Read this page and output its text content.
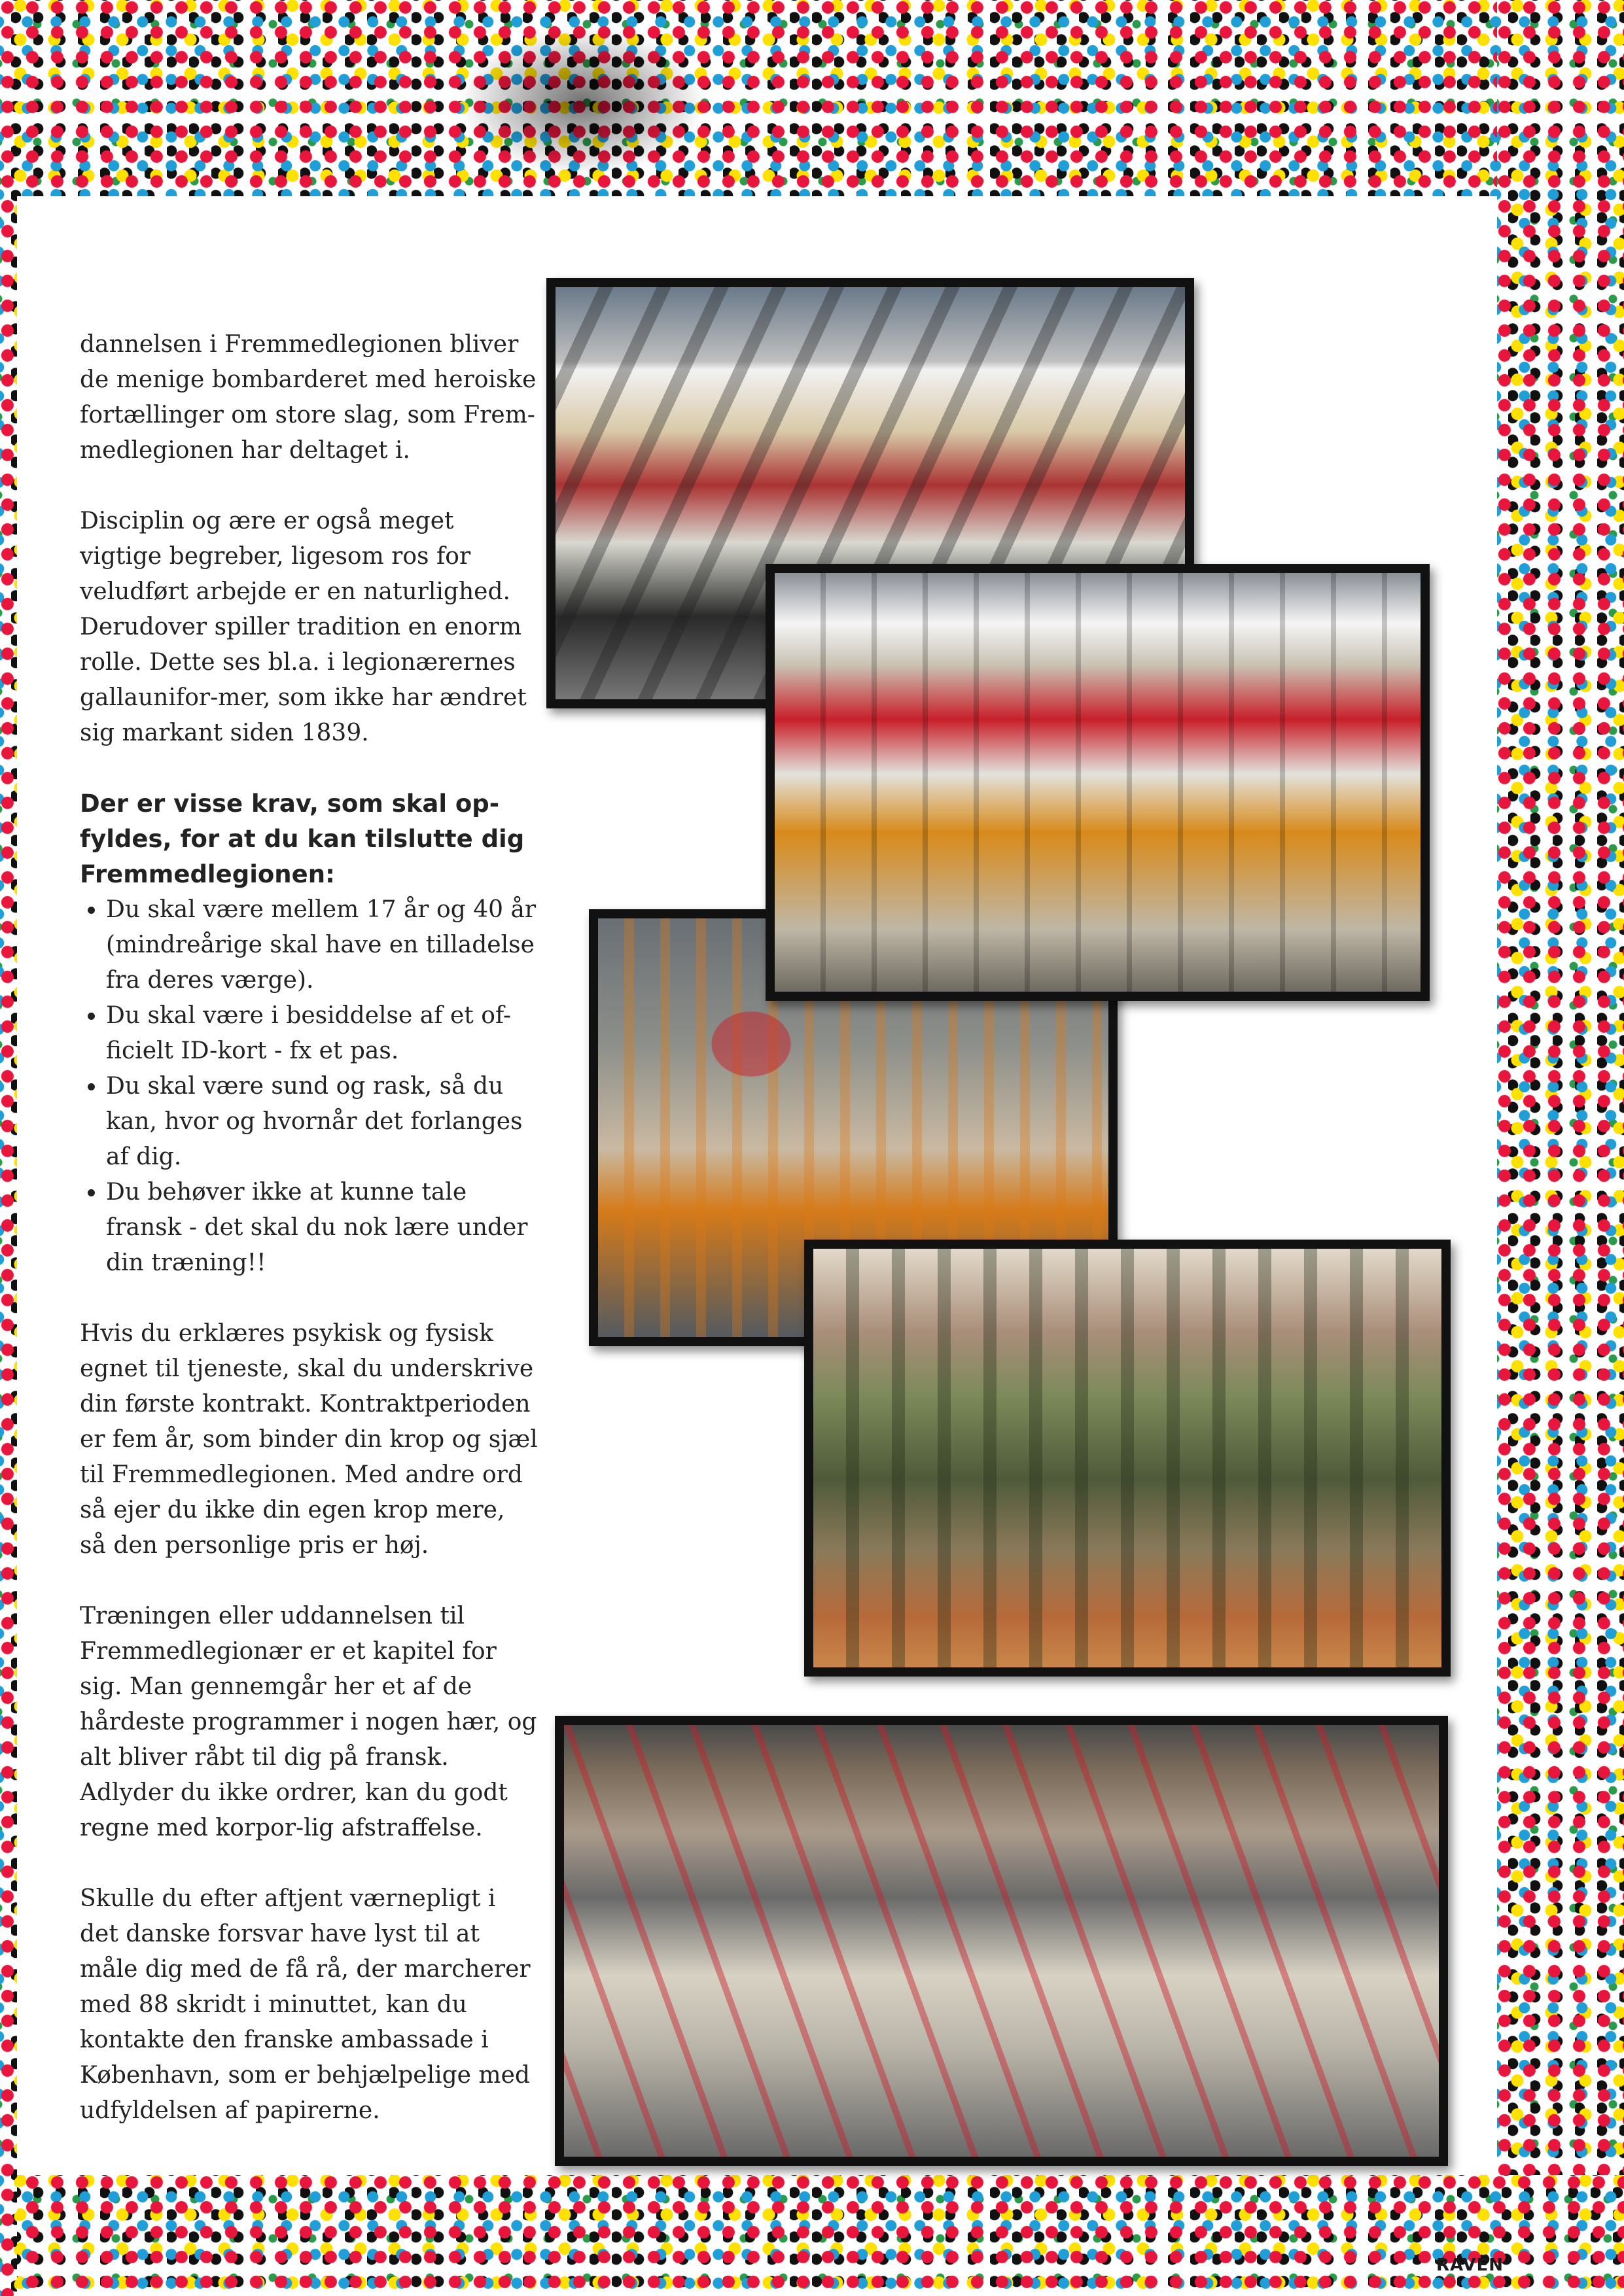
dannelsen i Fremmedlegionen bliver de menige bombarderet med heroiske fortællinger om store slag, som Frem-medlegionen har deltaget i.

Disciplin og ære er også meget vigtige begreber, ligesom ros for veludført arbejde er en naturlighed. Derudover spiller tradition en enorm rolle. Dette ses bl.a. i legionærernes gallaunifor-mer, som ikke har ændret sig markant siden 1839.

Der er visse krav, som skal op-fyldes, for at du kan tilslutte dig Fremmedlegionen:

• Du skal være mellem 17 år og 40 år (mindreårige skal have en tilladelse fra deres værge).
• Du skal være i besiddelse af et of-ficielt ID-kort - fx et pas.
• Du skal være sund og rask, så du kan, hvor og hvornår det forlanges af dig.
• Du behøver ikke at kunne tale fransk - det skal du nok lære under din træning!!

Hvis du erklæres psykisk og fysisk egnet til tjeneste, skal du underskrive din første kontrakt. Kontraktperioden er fem år, som binder din krop og sjæl til Fremmedlegionen. Med andre ord så ejer du ikke din egen krop mere, så den personlige pris er høj.

Træningen eller uddannelsen til Fremmedlegionær er et kapitel for sig. Man gennemgår her et af de hårdeste programmer i nogen hær, og alt bliver råbt til dig på fransk. Adlyder du ikke ordrer, kan du godt regne med korpor-lig afstraffelse.

Skulle du efter aftjent værnepligt i det danske forsvar have lyst til at måle dig med de få rå, der marcherer med 88 skridt i minuttet, kan du kontakte den franske ambassade i København, som er behjælpelige med udfyldelsen af papirerne.

RAVEN
